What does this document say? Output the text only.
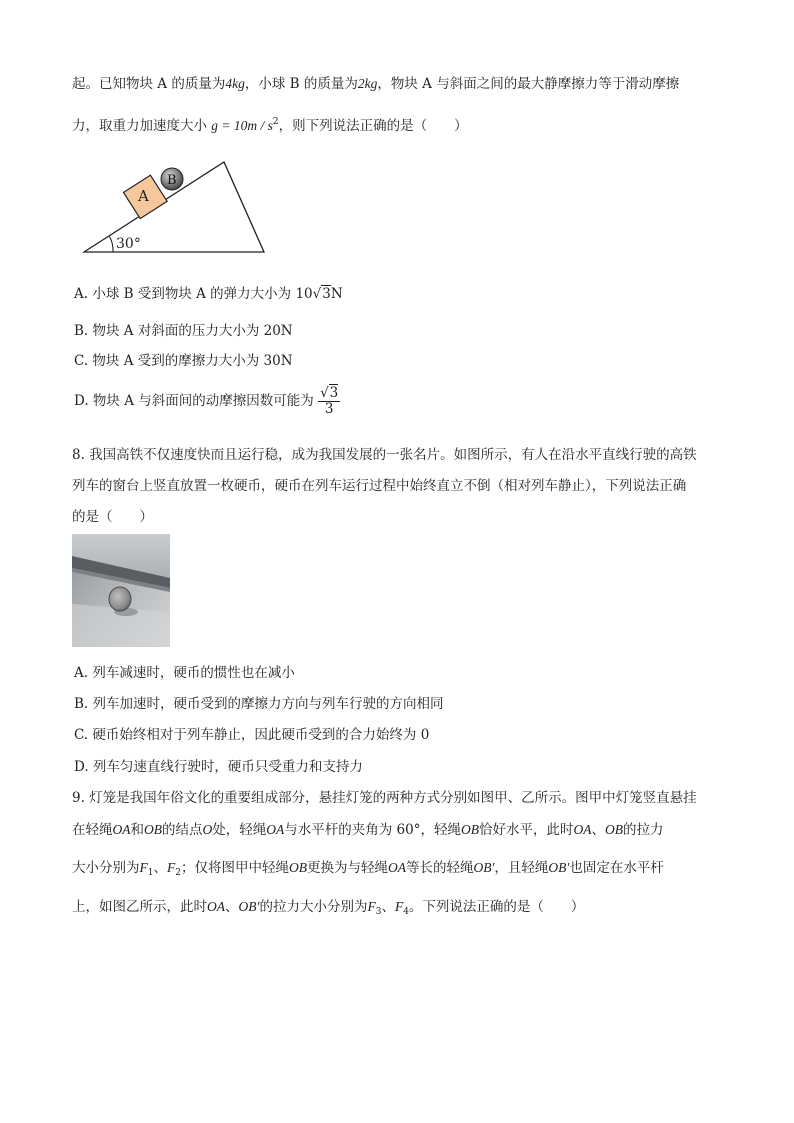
起。已知物块 A 的质量为4kg，小球 B 的质量为2kg，物块 A 与斜面之间的最大静摩擦力等于滑动摩擦
力，取重力加速度大小 $g = 10m / s^2$，则下列说法正确的是（　　）
30°
A
B
A. 小球 B 受到物块 A 的弹力大小为 10√3N
B. 物块 A 对斜面的压力大小为 20N
C. 物块 A 受到的摩擦力大小为 30N
D. 物块 A 与斜面间的动摩擦因数可能为 $\frac{√3}{3}$
8. 我国高铁不仅速度快而且运行稳，成为我国发展的一张名片。如图所示，有人在沿水平直线行驶的高铁
列车的窗台上竖直放置一枚硬币，硬币在列车运行过程中始终直立不倒（相对列车静止），下列说法正确
的是（　　）
A. 列车减速时，硬币的惯性也在减小
B. 列车加速时，硬币受到的摩擦力方向与列车行驶的方向相同
C. 硬币始终相对于列车静止，因此硬币受到的合力始终为 0
D. 列车匀速直线行驶时，硬币只受重力和支持力
9. 灯笼是我国年俗文化的重要组成部分，悬挂灯笼的两种方式分别如图甲、乙所示。图甲中灯笼竖直悬挂
在轻绳OA和OB的结点O处，轻绳OA与水平杆的夹角为 60°，轻绳OB恰好水平，此时OA、OB的拉力
大小分别为$F_1$、$F_2$；仅将图甲中轻绳OB更换为与轻绳OA等长的轻绳OB′，且轻绳OB′也固定在水平杆
上，如图乙所示，此时OA、OB′的拉力大小分别为$F_3$、$F_4$。下列说法正确的是（　　）
